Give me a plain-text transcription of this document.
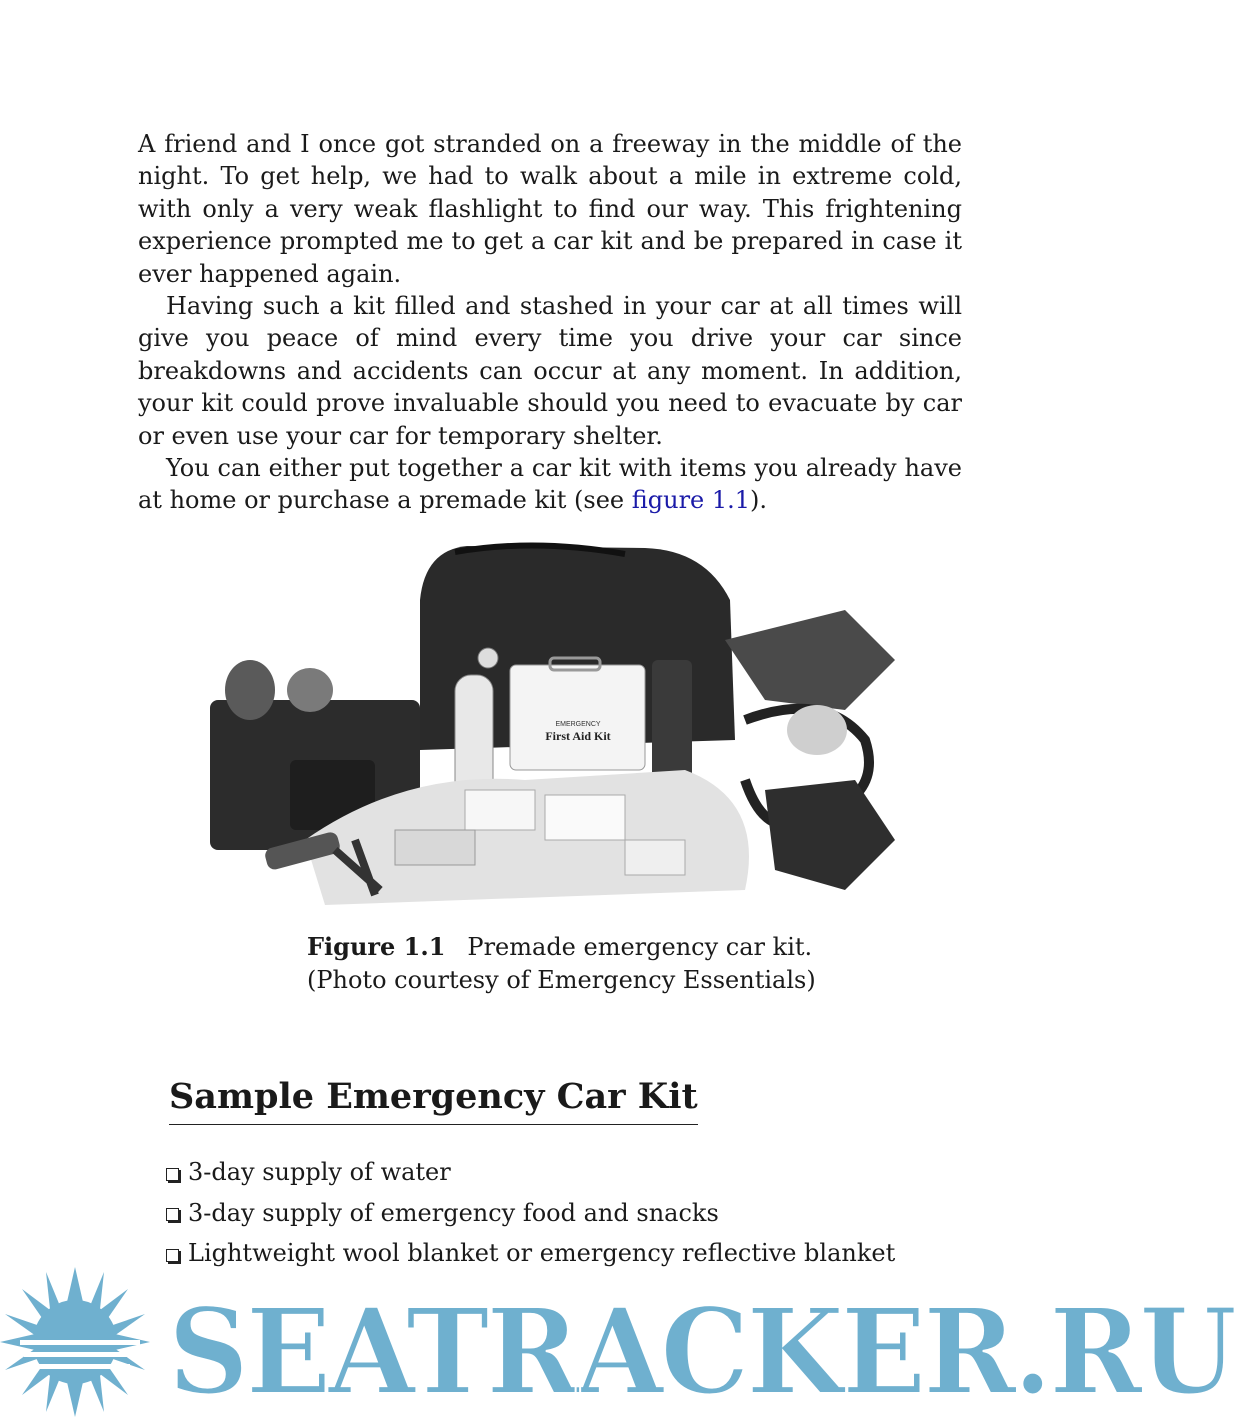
A friend and I once got stranded on a freeway in the middle of the night. To get help, we had to walk about a mile in extreme cold, with only a very weak flashlight to find our way. This frightening experience prompted me to get a car kit and be prepared in case it ever happened again.

Having such a kit filled and stashed in your car at all times will give you peace of mind every time you drive your car since breakdowns and accidents can occur at any moment. In addition, your kit could prove invaluable should you need to evacuate by car or even use your car for temporary shelter.

You can either put together a car kit with items you already have at home or purchase a premade kit (see figure 1.1).

EMERGENCY
First Aid Kit
Figure 1.1 Premade emergency car kit.
(Photo courtesy of Emergency Essentials)
Sample Emergency Car Kit
3-day supply of water
3-day supply of emergency food and snacks
Lightweight wool blanket or emergency reflective blanket
SEATRACKER.RU
